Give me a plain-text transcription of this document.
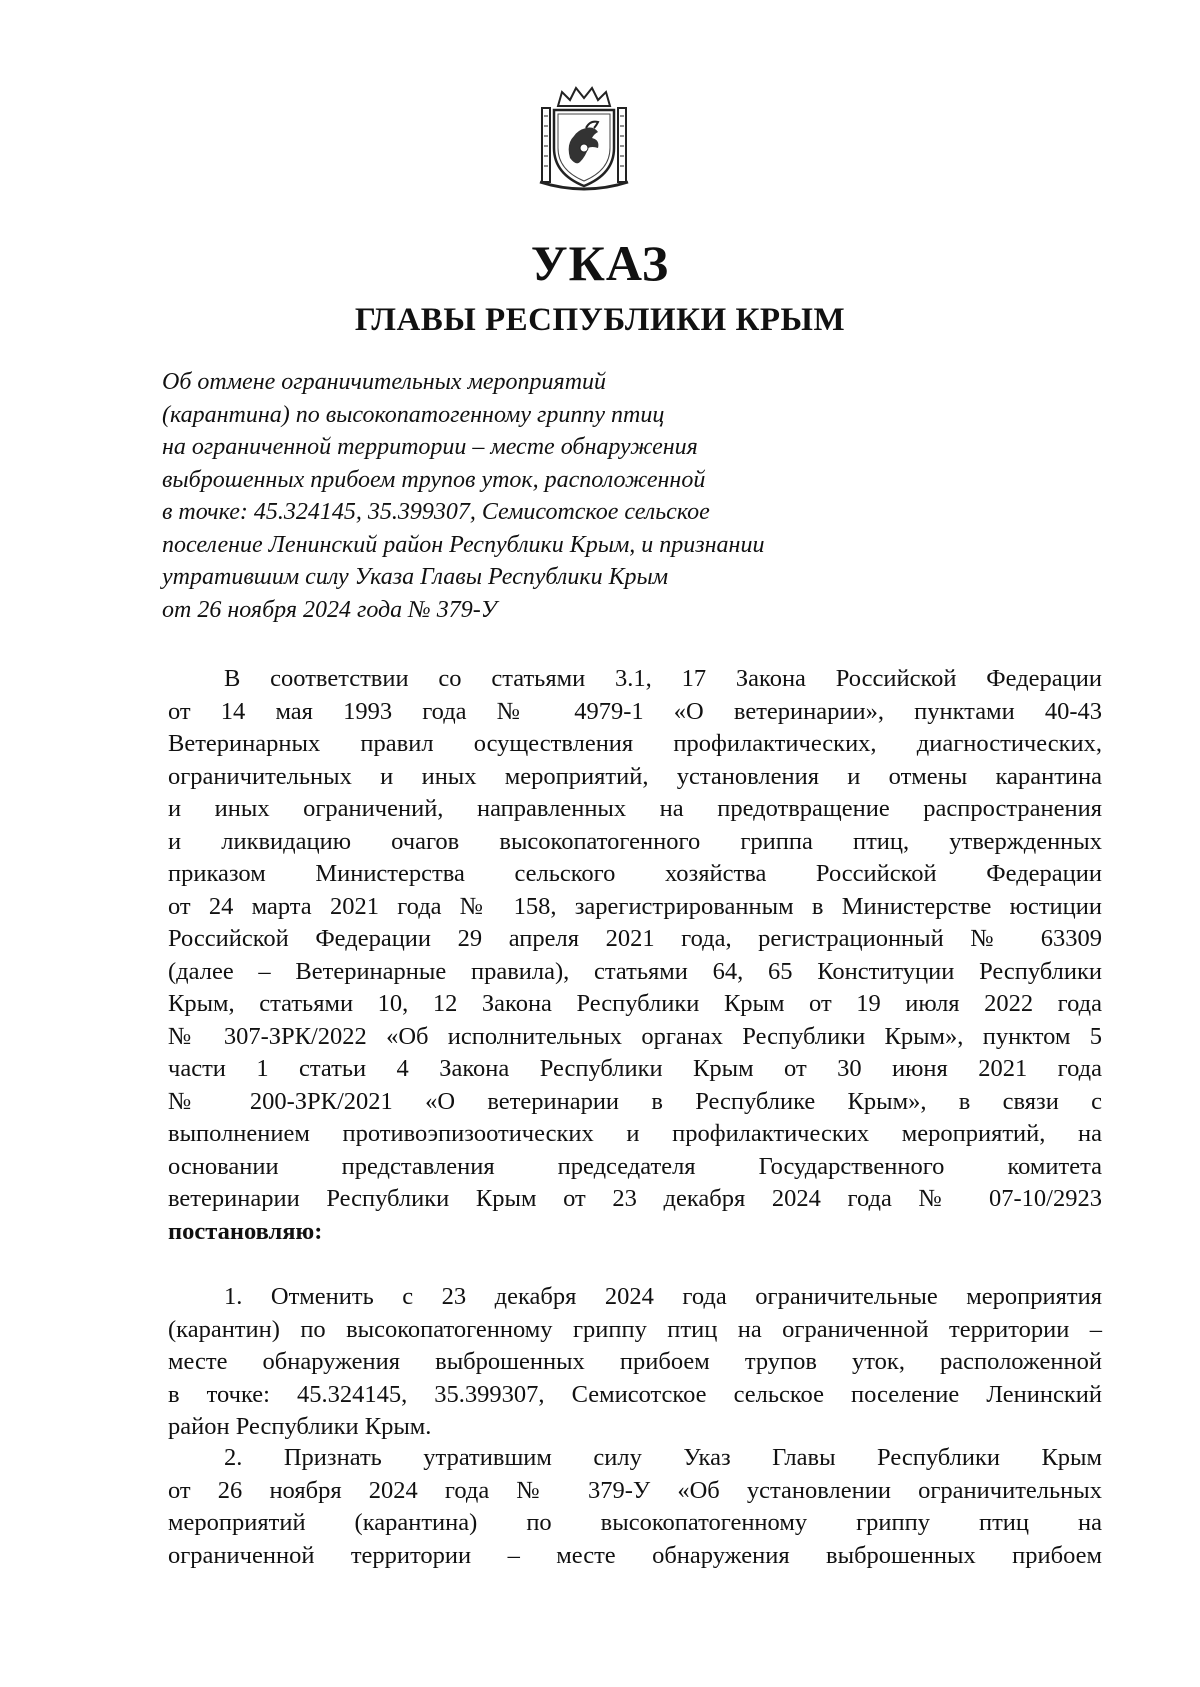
УКАЗ
ГЛАВЫ РЕСПУБЛИКИ КРЫМ
Об отмене ограничительных мероприятий
(карантина) по высокопатогенному гриппу птиц
на ограниченной территории – месте обнаружения
выброшенных прибоем трупов уток, расположенной
в точке: 45.324145, 35.399307, Семисотское сельское
поселение Ленинский район Республики Крым, и признании
утратившим силу Указа Главы Республики Крым
от 26 ноября 2024 года № 379-У
В соответствии со статьями 3.1, 17 Закона Российской Федерации
от 14 мая 1993 года № 4979-1 «О ветеринарии», пунктами 40-43
Ветеринарных правил осуществления профилактических, диагностических,
ограничительных и иных мероприятий, установления и отмены карантина
и иных ограничений, направленных на предотвращение распространения
и ликвидацию очагов высокопатогенного гриппа птиц, утвержденных
приказом Министерства сельского хозяйства Российской Федерации
от 24 марта 2021 года № 158, зарегистрированным в Министерстве юстиции
Российской Федерации 29 апреля 2021 года, регистрационный № 63309
(далее – Ветеринарные правила), статьями 64, 65 Конституции Республики
Крым, статьями 10, 12 Закона Республики Крым от 19 июля 2022 года
№ 307-ЗРК/2022 «Об исполнительных органах Республики Крым», пунктом 5
части 1 статьи 4 Закона Республики Крым от 30 июня 2021 года
№ 200-ЗРК/2021 «О ветеринарии в Республике Крым», в связи с
выполнением противоэпизоотических и профилактических мероприятий, на
основании представления председателя Государственного комитета
ветеринарии Республики Крым от 23 декабря 2024 года № 07-10/2923
постановляю:
1. Отменить с 23 декабря 2024 года ограничительные мероприятия
(карантин) по высокопатогенному гриппу птиц на ограниченной территории –
месте обнаружения выброшенных прибоем трупов уток, расположенной
в точке: 45.324145, 35.399307, Семисотское сельское поселение Ленинский
район Республики Крым.
2. Признать утратившим силу Указ Главы Республики Крым
от 26 ноября 2024 года № 379-У «Об установлении ограничительных
мероприятий (карантина) по высокопатогенному гриппу птиц на
ограниченной территории – месте обнаружения выброшенных прибоем
